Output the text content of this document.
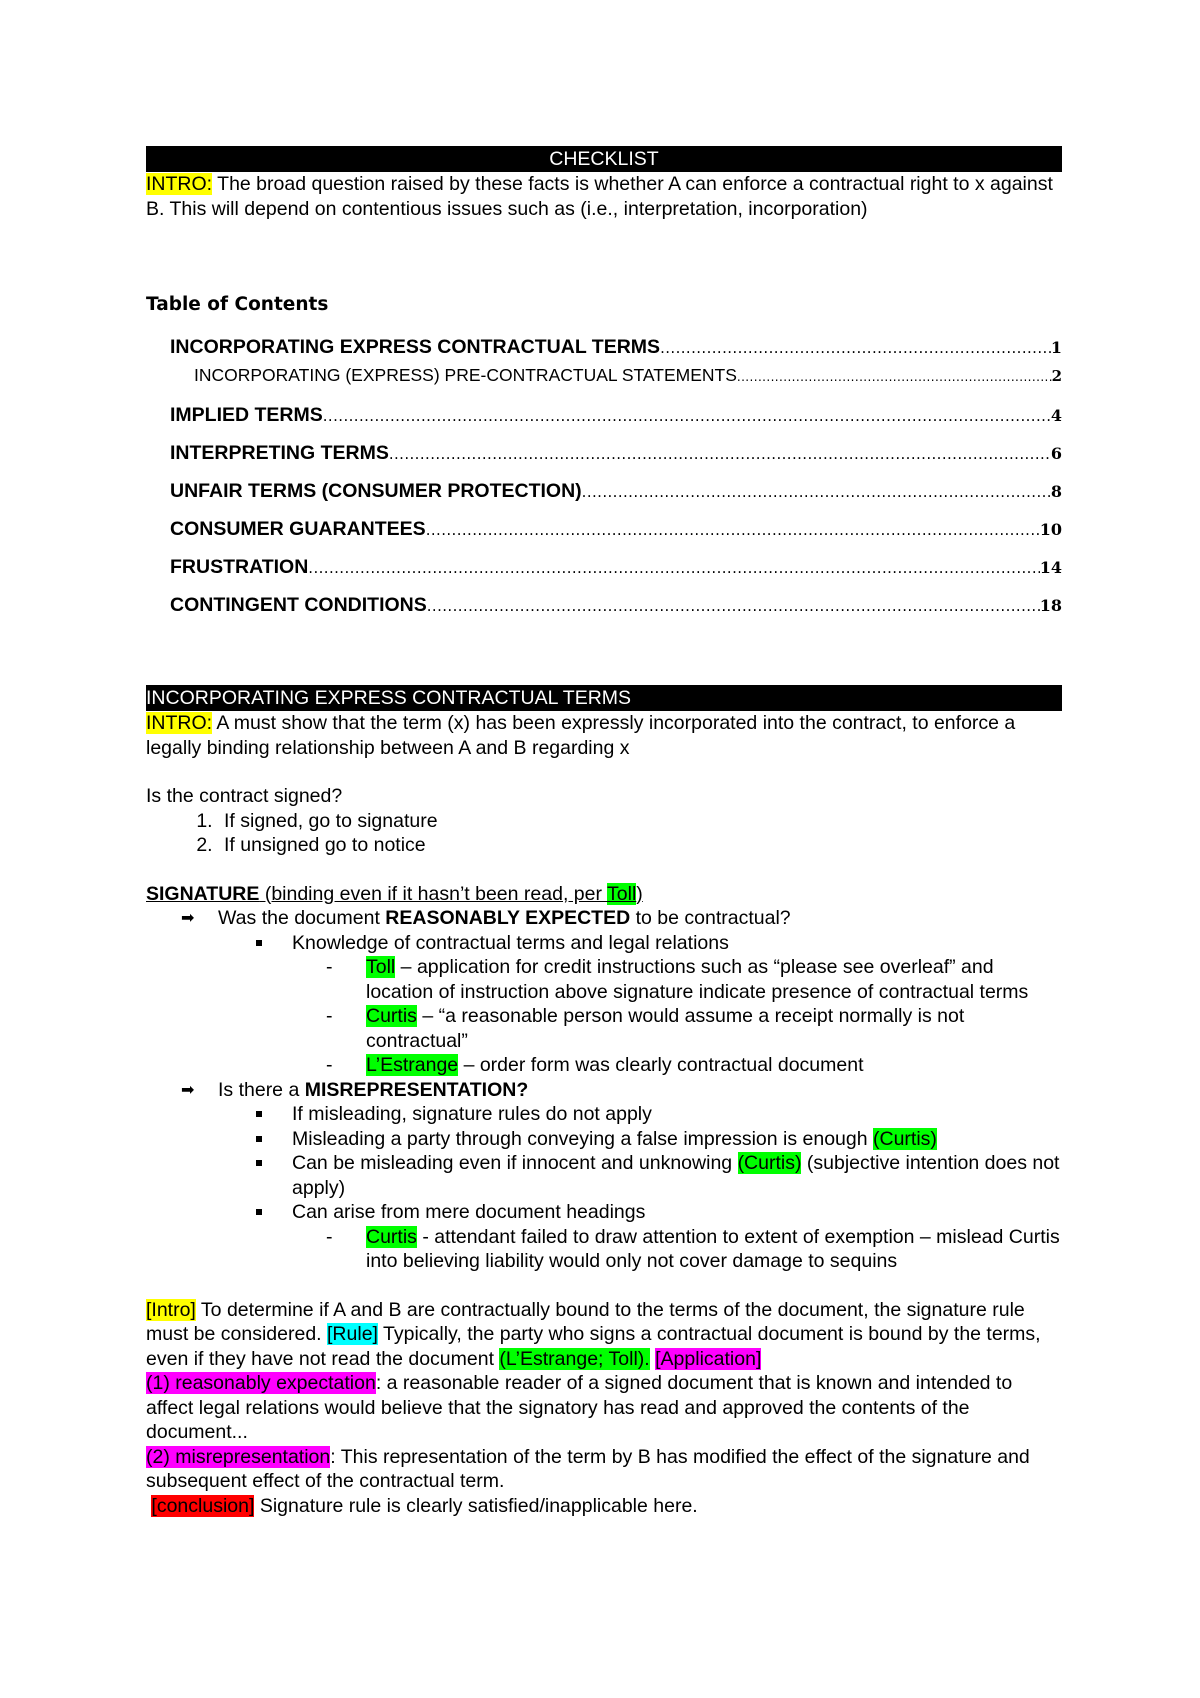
CHECKLIST

INTRO: The broad question raised by these facts is whether A can enforce a contractual right to x against B. This will depend on contentious issues such as (i.e., interpretation, incorporation)

Table of Contents
INCORPORATING EXPRESS CONTRACTUAL TERMS .....	1
INCORPORATING (EXPRESS) PRE-CONTRACTUAL STATEMENTS .....	2
IMPLIED TERMS .....	4
INTERPRETING TERMS .....	6
UNFAIR TERMS (CONSUMER PROTECTION) .....	8
CONSUMER GUARANTEES .....	10
FRUSTRATION .....	14
CONTINGENT CONDITIONS .....	18
INCORPORATING EXPRESS CONTRACTUAL TERMS

INTRO: A must show that the term (x) has been expressly incorporated into the contract, to enforce a legally binding relationship between A and B regarding x

Is the contract signed?

1. If signed, go to signature
2. If unsigned go to notice

SIGNATURE (binding even if it hasn’t been read, per Toll)

➡ Was the document REASONABLY EXPECTED to be contractual?
Knowledge of contractual terms and legal relations
- Toll – application for credit instructions such as “please see overleaf” and location of instruction above signature indicate presence of contractual terms
- Curtis – “a reasonable person would assume a receipt normally is not contractual”
- L’Estrange – order form was clearly contractual document
➡ Is there a MISREPRESENTATION?
If misleading, signature rules do not apply
Misleading a party through conveying a false impression is enough (Curtis)
Can be misleading even if innocent and unknowing (Curtis) (subjective intention does not apply)
Can arise from mere document headings
- Curtis - attendant failed to draw attention to extent of exemption – mislead Curtis into believing liability would only not cover damage to sequins

[Intro] To determine if A and B are contractually bound to the terms of the document, the signature rule must be considered. [Rule] Typically, the party who signs a contractual document is bound by the terms, even if they have not read the document (L’Estrange; Toll). [Application]
(1) reasonably expectation: a reasonable reader of a signed document that is known and intended to affect legal relations would believe that the signatory has read and approved the contents of the document...

(2) misrepresentation: This representation of the term by B has modified the effect of the signature and subsequent effect of the contractual term.

[conclusion] Signature rule is clearly satisfied/inapplicable here.
